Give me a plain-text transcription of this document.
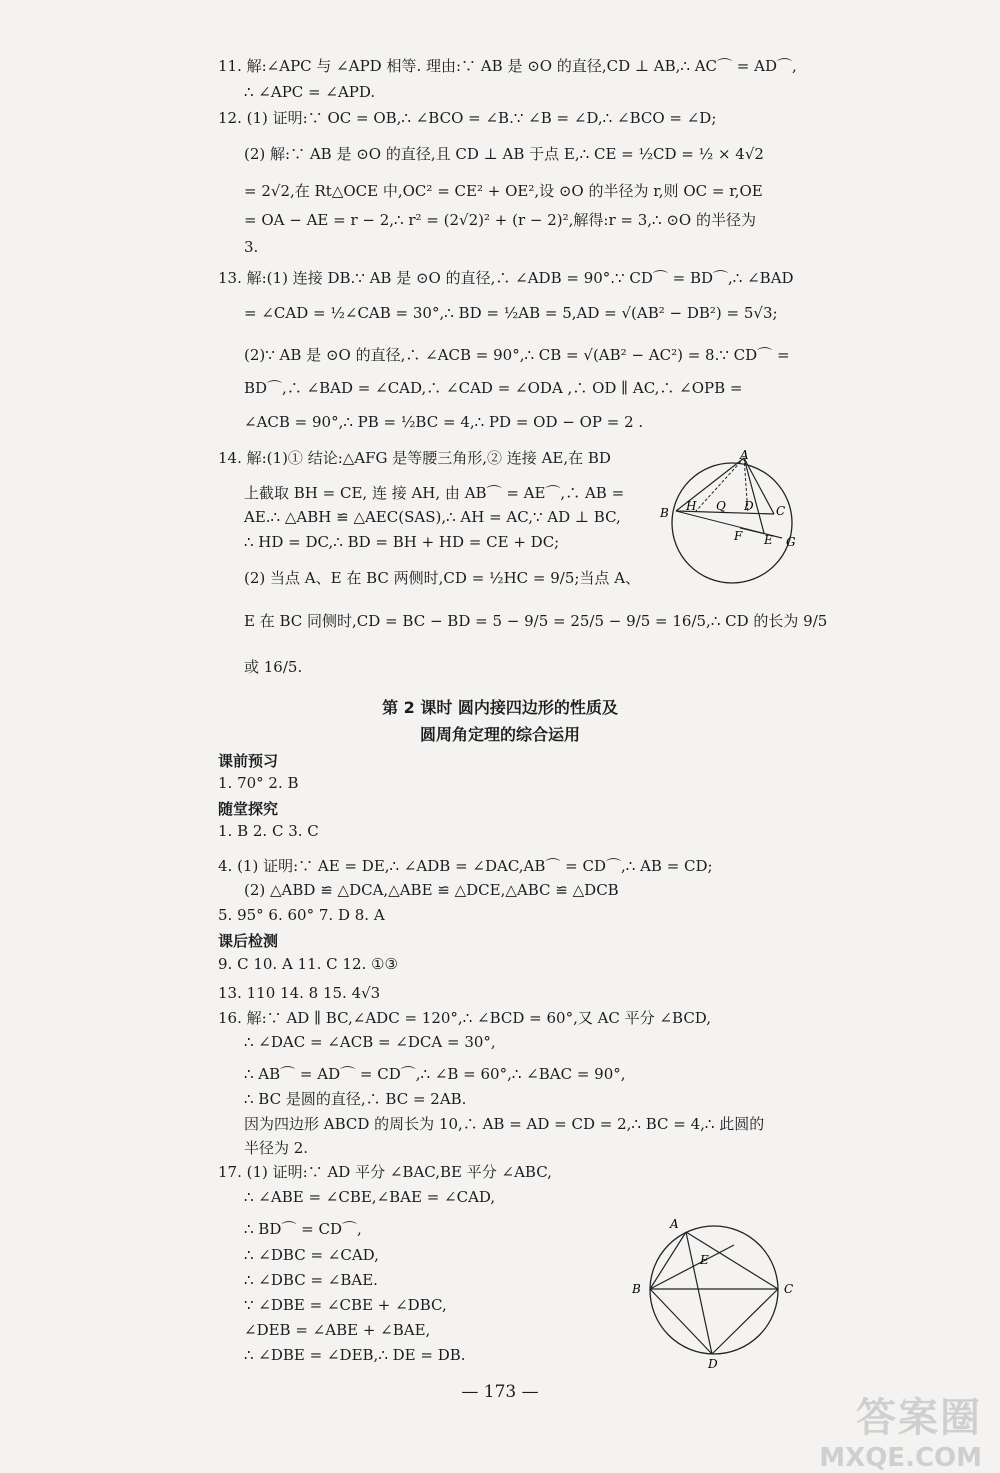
11. 解:∠APC 与 ∠APD 相等. 理由:∵ AB 是 ⊙O 的直径,CD ⊥ AB,∴ AC⌒ = AD⌒,
∴ ∠APC = ∠APD.
12. (1) 证明:∵ OC = OB,∴ ∠BCO = ∠B.∵ ∠B = ∠D,∴ ∠BCO = ∠D;
(2) 解:∵ AB 是 ⊙O 的直径,且 CD ⊥ AB 于点 E,∴ CE = ½CD = ½ × 4√2
= 2√2,在 Rt△OCE 中,OC² = CE² + OE²,设 ⊙O 的半径为 r,则 OC = r,OE
= OA − AE = r − 2,∴ r² = (2√2)² + (r − 2)²,解得:r = 3,∴ ⊙O 的半径为
3.
13. 解:(1) 连接 DB.∵ AB 是 ⊙O 的直径,∴ ∠ADB = 90°.∵ CD⌒ = BD⌒,∴ ∠BAD
= ∠CAD = ½∠CAB = 30°,∴ BD = ½AB = 5,AD = √(AB² − DB²) = 5√3;
(2)∵ AB 是 ⊙O 的直径,∴ ∠ACB = 90°,∴ CB = √(AB² − AC²) = 8.∵ CD⌒ =
BD⌒,∴ ∠BAD = ∠CAD,∴ ∠CAD = ∠ODA ,∴ OD ∥ AC,∴ ∠OPB =
∠ACB = 90°,∴ PB = ½BC = 4,∴ PD = OD − OP = 2 .
14. 解:(1)① 结论:△AFG 是等腰三角形,② 连接 AE,在 BD
上截取 BH = CE, 连 接 AH, 由 AB⌒ = AE⌒,∴ AB =
AE.∴ △ABH ≌ △AEC(SAS),∴ AH = AC,∵ AD ⊥ BC,
∴ HD = DC,∴ BD = BH + HD = CE + DC;
(2) 当点 A、E 在 BC 两侧时,CD = ½HC = 9/5;当点 A、
E 在 BC 同侧时,CD = BC − BD = 5 − 9/5 = 25/5 − 9/5 = 16/5,∴ CD 的长为 9/5
或 16/5.
A
B	C
D
E
F	G
H Q
第 2 课时 圆内接四边形的性质及
圆周角定理的综合运用
课前预习
1. 70° 2. B
随堂探究
1. B 2. C 3. C
4. (1) 证明:∵ AE = DE,∴ ∠ADB = ∠DAC,AB⌒ = CD⌒,∴ AB = CD;
(2) △ABD ≌ △DCA,△ABE ≌ △DCE,△ABC ≌ △DCB
5. 95° 6. 60° 7. D 8. A
课后检测
9. C 10. A 11. C 12. ①③
13. 110 14. 8 15. 4√3
16. 解:∵ AD ∥ BC,∠ADC = 120°,∴ ∠BCD = 60°,又 AC 平分 ∠BCD,
∴ ∠DAC = ∠ACB = ∠DCA = 30°,
∴ AB⌒ = AD⌒ = CD⌒,∴ ∠B = 60°,∴ ∠BAC = 90°,
∴ BC 是圆的直径,∴ BC = 2AB.
因为四边形 ABCD 的周长为 10,∴ AB = AD = CD = 2,∴ BC = 4,∴ 此圆的
半径为 2.
17. (1) 证明:∵ AD 平分 ∠BAC,BE 平分 ∠ABC,
∴ ∠ABE = ∠CBE,∠BAE = ∠CAD,
∴ BD⌒ = CD⌒,
∴ ∠DBC = ∠CAD,
∴ ∠DBC = ∠BAE.
∵ ∠DBE = ∠CBE + ∠DBC,
∠DEB = ∠ABE + ∠BAE,
∴ ∠DBE = ∠DEB,∴ DE = DB.
A
B	C
D
E
— 173 —
答案圈
MXQE.COM
